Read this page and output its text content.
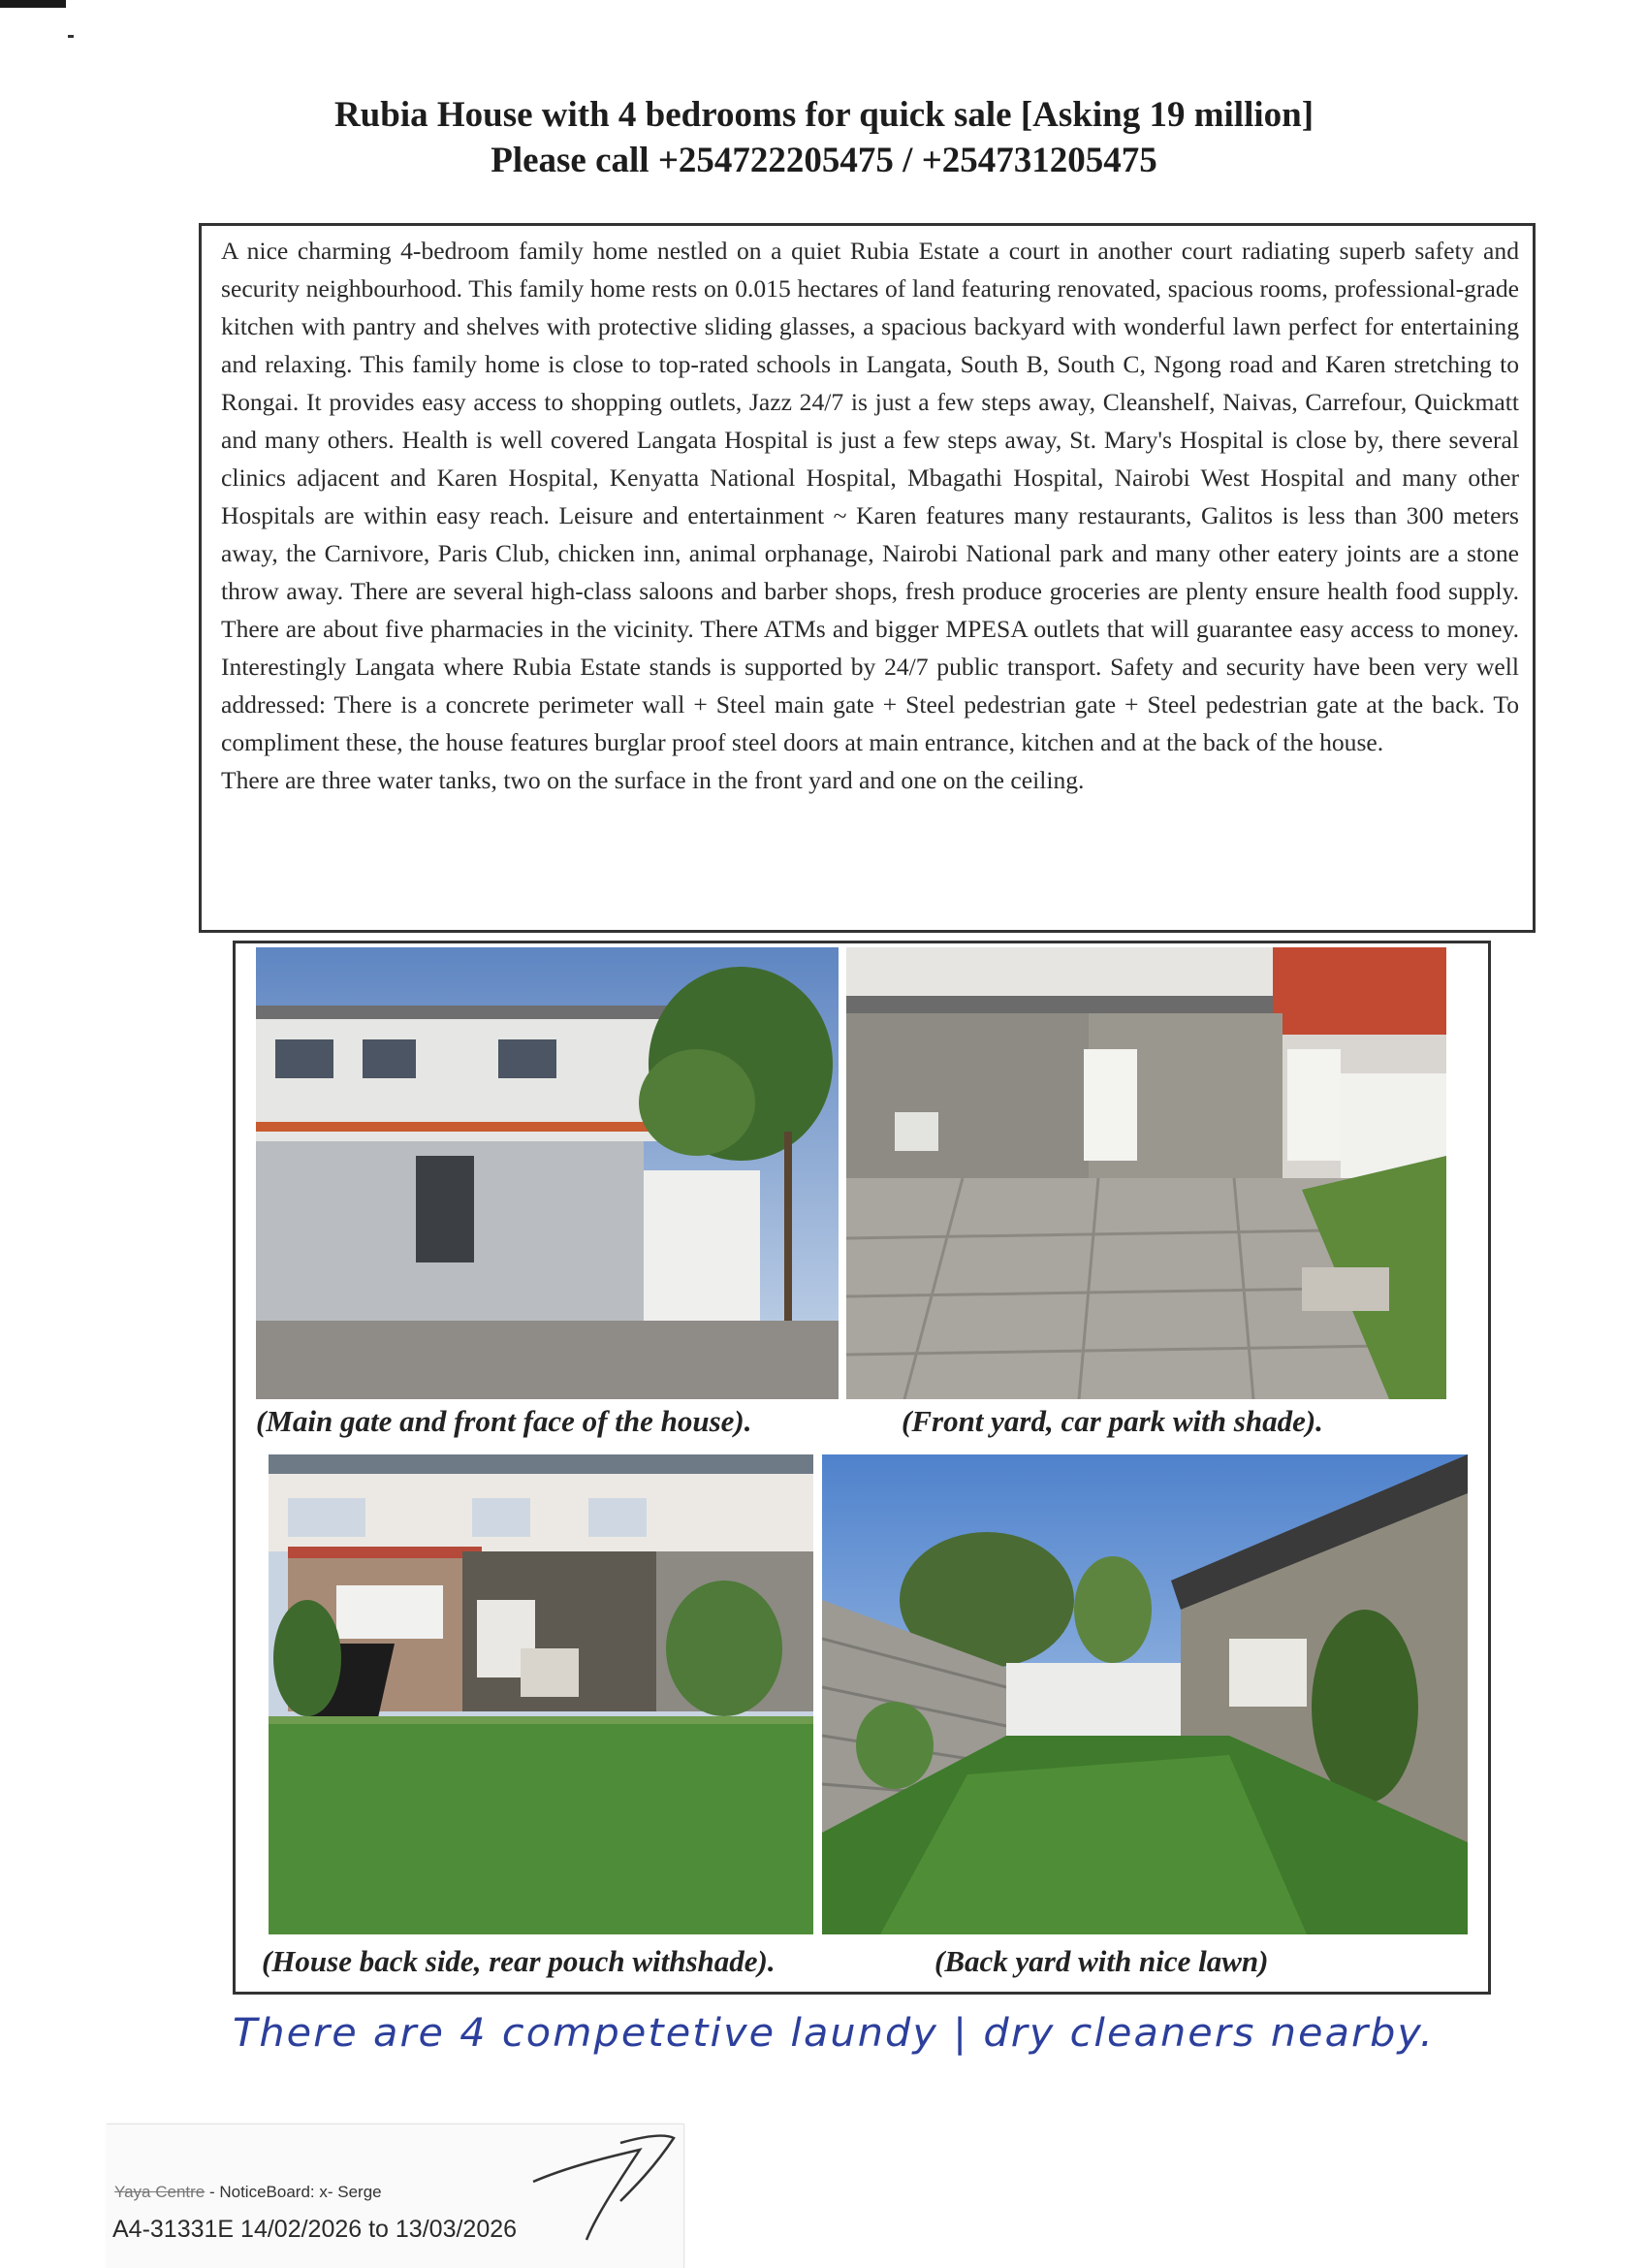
Rubia House with 4 bedrooms for quick sale [Asking 19 million]
Please call +254722205475 / +254731205475

A nice charming 4-bedroom family home nestled on a quiet Rubia Estate a court in another court radiating superb safety and security neighbourhood. This family home rests on 0.015 hectares of land featuring renovated, spacious rooms, professional-grade kitchen with pantry and shelves with protective sliding glasses, a spacious backyard with wonderful lawn perfect for entertaining and relaxing. This family home is close to top-rated schools in Langata, South B, South C, Ngong road and Karen stretching to Rongai. It provides easy access to shopping outlets, Jazz 24/7 is just a few steps away, Cleanshelf, Naivas, Carrefour, Quickmatt and many others. Health is well covered Langata Hospital is just a few steps away, St. Mary's Hospital is close by, there several clinics adjacent and Karen Hospital, Kenyatta National Hospital, Mbagathi Hospital, Nairobi West Hospital and many other Hospitals are within easy reach. Leisure and entertainment ~ Karen features many restaurants, Galitos is less than 300 meters away, the Carnivore, Paris Club, chicken inn, animal orphanage, Nairobi National park and many other eatery joints are a stone throw away. There are several high-class saloons and barber shops, fresh produce groceries are plenty ensure health food supply. There are about five pharmacies in the vicinity. There ATMs and bigger MPESA outlets that will guarantee easy access to money. Interestingly Langata where Rubia Estate stands is supported by 24/7 public transport. Safety and security have been very well addressed: There is a concrete perimeter wall + Steel main gate + Steel pedestrian gate + Steel pedestrian gate at the back. To compliment these, the house features burglar proof steel doors at main entrance, kitchen and at the back of the house.

There are three water tanks, two on the surface in the front yard and one on the ceiling.

(Main gate and front face of the house).	(Front yard, car park with shade).
(House back side, rear pouch withshade).	(Back yard with nice lawn)
There are 4 competetive laundy | dry cleaners nearby.
Yaya Centre - NoticeBoard: x- Serge
A4-31331E 14/02/2026 to 13/03/2026
